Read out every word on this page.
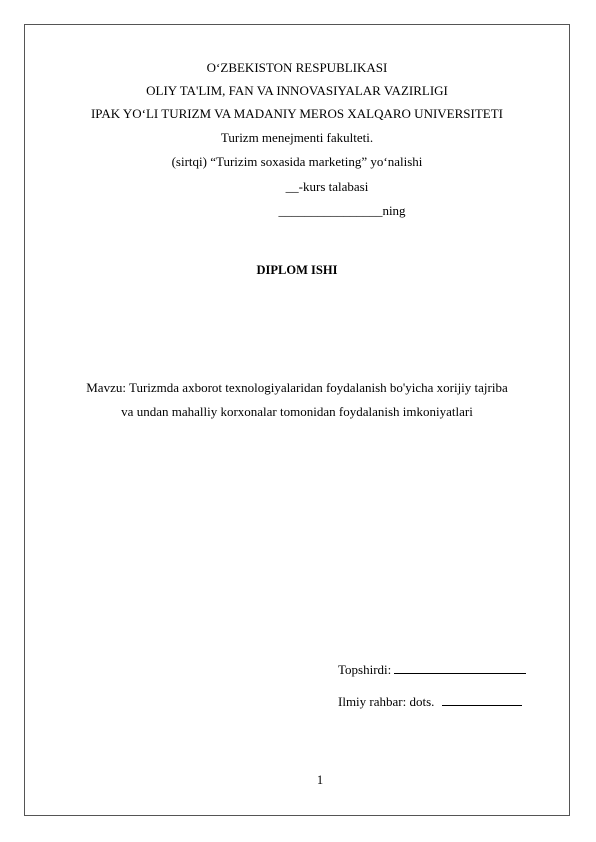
O‘ZBEKISTON RESPUBLIKASI
OLIY TA'LIM, FAN VA INNOVASIYALAR VAZIRLIGI
IPAK YO‘LI TURIZM VA MADANIY MEROS XALQARO UNIVERSITETI
Turizm menejmenti fakulteti.
(sirtqi) “Turizim soxasida marketing” yo‘nalishi
__-kurs talabasi
________________ning
DIPLOM ISHI
Mavzu: Turizmda axborot texnologiyalaridan foydalanish bo'yicha xorijiy tajriba
va undan mahalliy korxonalar tomonidan foydalanish imkoniyatlari
Topshirdi:
Ilmiy rahbar: dots.
1
